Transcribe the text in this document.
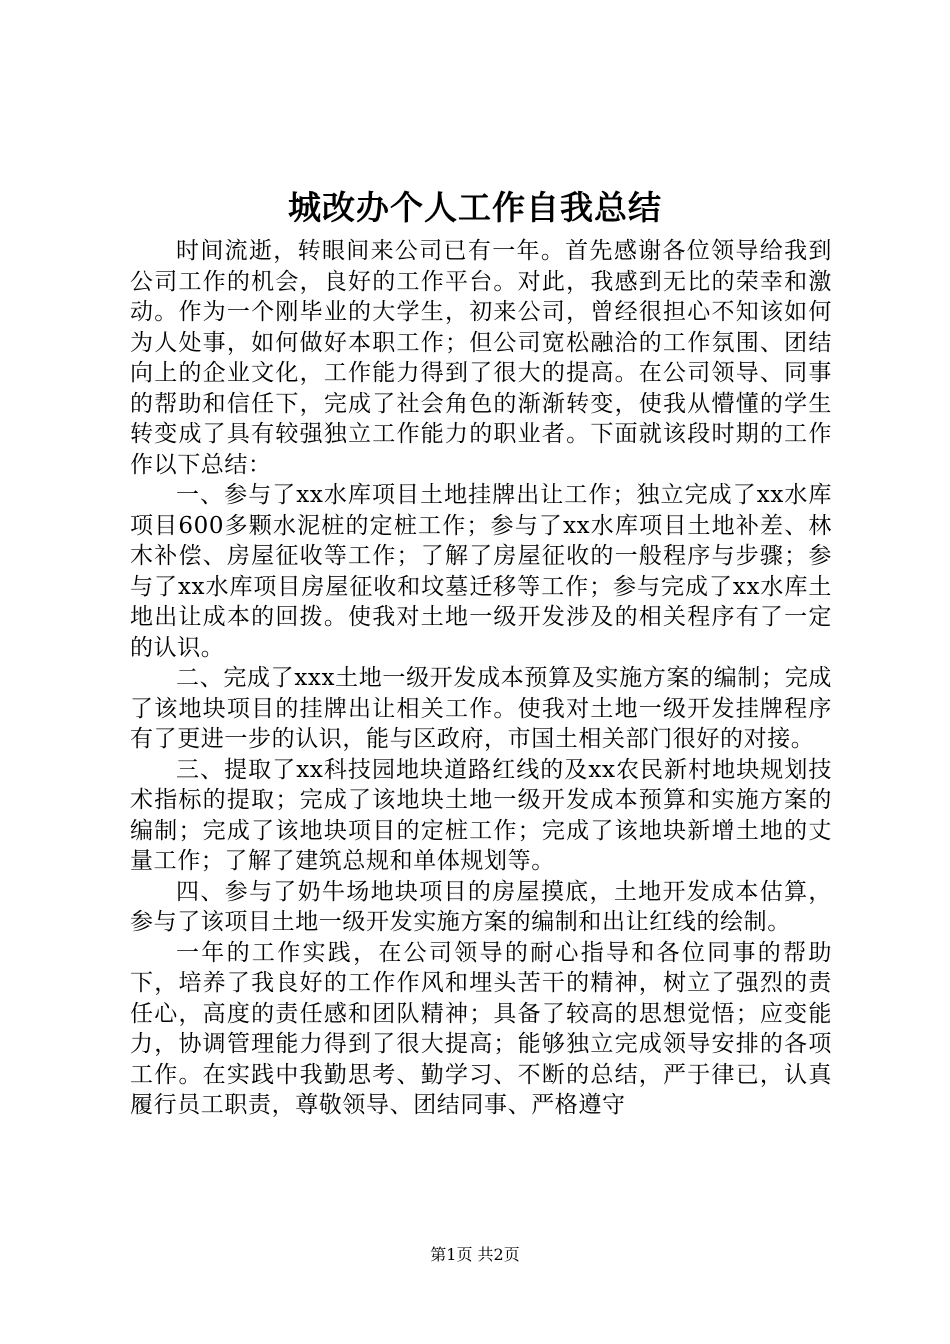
城改办个人工作自我总结

时间流逝，转眼间来公司已有一年。首先感谢各位领导给我到公司工作的机会，良好的工作平台。对此，我感到无比的荣幸和激动。作为一个刚毕业的大学生，初来公司，曾经很担心不知该如何为人处事，如何做好本职工作；但公司宽松融洽的工作氛围、团结向上的企业文化，工作能力得到了很大的提高。在公司领导、同事的帮助和信任下，完成了社会角色的渐渐转变，使我从懵懂的学生转变成了具有较强独立工作能力的职业者。下面就该段时期的工作作以下总结：

一、参与了xx水库项目土地挂牌出让工作；独立完成了xx水库项目600多颗水泥桩的定桩工作；参与了xx水库项目土地补差、林木补偿、房屋征收等工作；了解了房屋征收的一般程序与步骤；参与了xx水库项目房屋征收和坟墓迁移等工作；参与完成了xx水库土地出让成本的回拨。使我对土地一级开发涉及的相关程序有了一定的认识。

二、完成了xxx土地一级开发成本预算及实施方案的编制；完成了该地块项目的挂牌出让相关工作。使我对土地一级开发挂牌程序有了更进一步的认识，能与区政府，市国土相关部门很好的对接。

三、提取了xx科技园地块道路红线的及xx农民新村地块规划技术指标的提取；完成了该地块土地一级开发成本预算和实施方案的编制；完成了该地块项目的定桩工作；完成了该地块新增土地的丈量工作；了解了建筑总规和单体规划等。

四、参与了奶牛场地块项目的房屋摸底，土地开发成本估算，参与了该项目土地一级开发实施方案的编制和出让红线的绘制。

一年的工作实践，在公司领导的耐心指导和各位同事的帮助下，培养了我良好的工作作风和埋头苦干的精神，树立了强烈的责任心，高度的责任感和团队精神；具备了较高的思想觉悟；应变能力，协调管理能力得到了很大提高；能够独立完成领导安排的各项工作。在实践中我勤思考、勤学习、不断的总结，严于律已，认真履行员工职责，尊敬领导、团结同事、严格遵守

第1页 共2页
